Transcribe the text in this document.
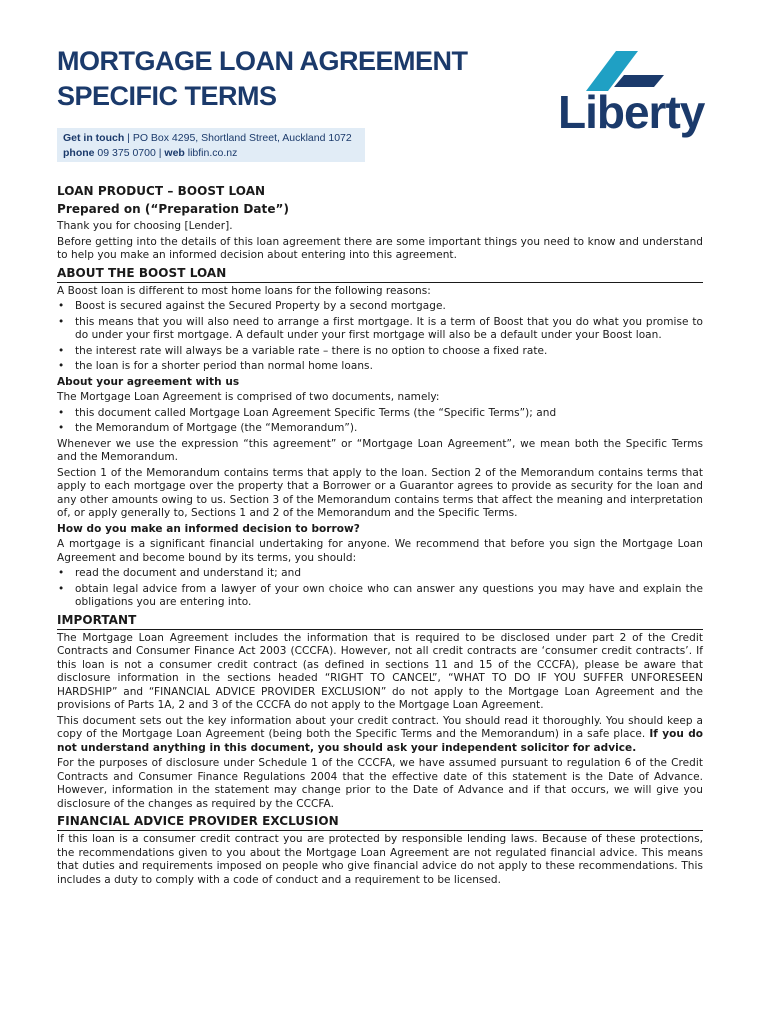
MORTGAGE LOAN AGREEMENT
SPECIFIC TERMS
Get in touch | PO Box 4295, Shortland Street, Auckland 1072
phone 09 375 0700 | web libfin.co.nz
Liberty

LOAN PRODUCT – BOOST LOAN

Prepared on (“Preparation Date”)

Thank you for choosing [Lender].

Before getting into the details of this loan agreement there are some important things you need to know and understand to help you make an informed decision about entering into this agreement.

ABOUT THE BOOST LOAN

A Boost loan is different to most home loans for the following reasons:

• Boost is secured against the Secured Property by a second mortgage.
• this means that you will also need to arrange a first mortgage. It is a term of Boost that you do what you promise to do under your first mortgage. A default under your first mortgage will also be a default under your Boost loan.
• the interest rate will always be a variable rate – there is no option to choose a fixed rate.
• the loan is for a shorter period than normal home loans.

About your agreement with us

The Mortgage Loan Agreement is comprised of two documents, namely:

• this document called Mortgage Loan Agreement Specific Terms (the “Specific Terms”); and
• the Memorandum of Mortgage (the “Memorandum”).

Whenever we use the expression “this agreement” or “Mortgage Loan Agreement”, we mean both the Specific Terms and the Memorandum.

Section 1 of the Memorandum contains terms that apply to the loan. Section 2 of the Memorandum contains terms that apply to each mortgage over the property that a Borrower or a Guarantor agrees to provide as security for the loan and any other amounts owing to us. Section 3 of the Memorandum contains terms that affect the meaning and interpretation of, or apply generally to, Sections 1 and 2 of the Memorandum and the Specific Terms.

How do you make an informed decision to borrow?

A mortgage is a significant financial undertaking for anyone. We recommend that before you sign the Mortgage Loan Agreement and become bound by its terms, you should:

• read the document and understand it; and
• obtain legal advice from a lawyer of your own choice who can answer any questions you may have and explain the obligations you are entering into.
IMPORTANT

The Mortgage Loan Agreement includes the information that is required to be disclosed under part 2 of the Credit Contracts and Consumer Finance Act 2003 (CCCFA). However, not all credit contracts are ‘consumer credit contracts’. If this loan is not a consumer credit contract (as defined in sections 11 and 15 of the CCCFA), please be aware that disclosure information in the sections headed “RIGHT TO CANCEL”, “WHAT TO DO IF YOU SUFFER UNFORESEEN HARDSHIP” and “FINANCIAL ADVICE PROVIDER EXCLUSION” do not apply to the Mortgage Loan Agreement and the provisions of Parts 1A, 2 and 3 of the CCCFA do not apply to the Mortgage Loan Agreement.

This document sets out the key information about your credit contract. You should read it thoroughly. You should keep a copy of the Mortgage Loan Agreement (being both the Specific Terms and the Memorandum) in a safe place. If you do not understand anything in this document, you should ask your independent solicitor for advice.

For the purposes of disclosure under Schedule 1 of the CCCFA, we have assumed pursuant to regulation 6 of the Credit Contracts and Consumer Finance Regulations 2004 that the effective date of this statement is the Date of Advance. However, information in the statement may change prior to the Date of Advance and if that occurs, we will give you disclosure of the changes as required by the CCCFA.

FINANCIAL ADVICE PROVIDER EXCLUSION

If this loan is a consumer credit contract you are protected by responsible lending laws. Because of these protections, the recommendations given to you about the Mortgage Loan Agreement are not regulated financial advice. This means that duties and requirements imposed on people who give financial advice do not apply to these recommendations. This includes a duty to comply with a code of conduct and a requirement to be licensed.
